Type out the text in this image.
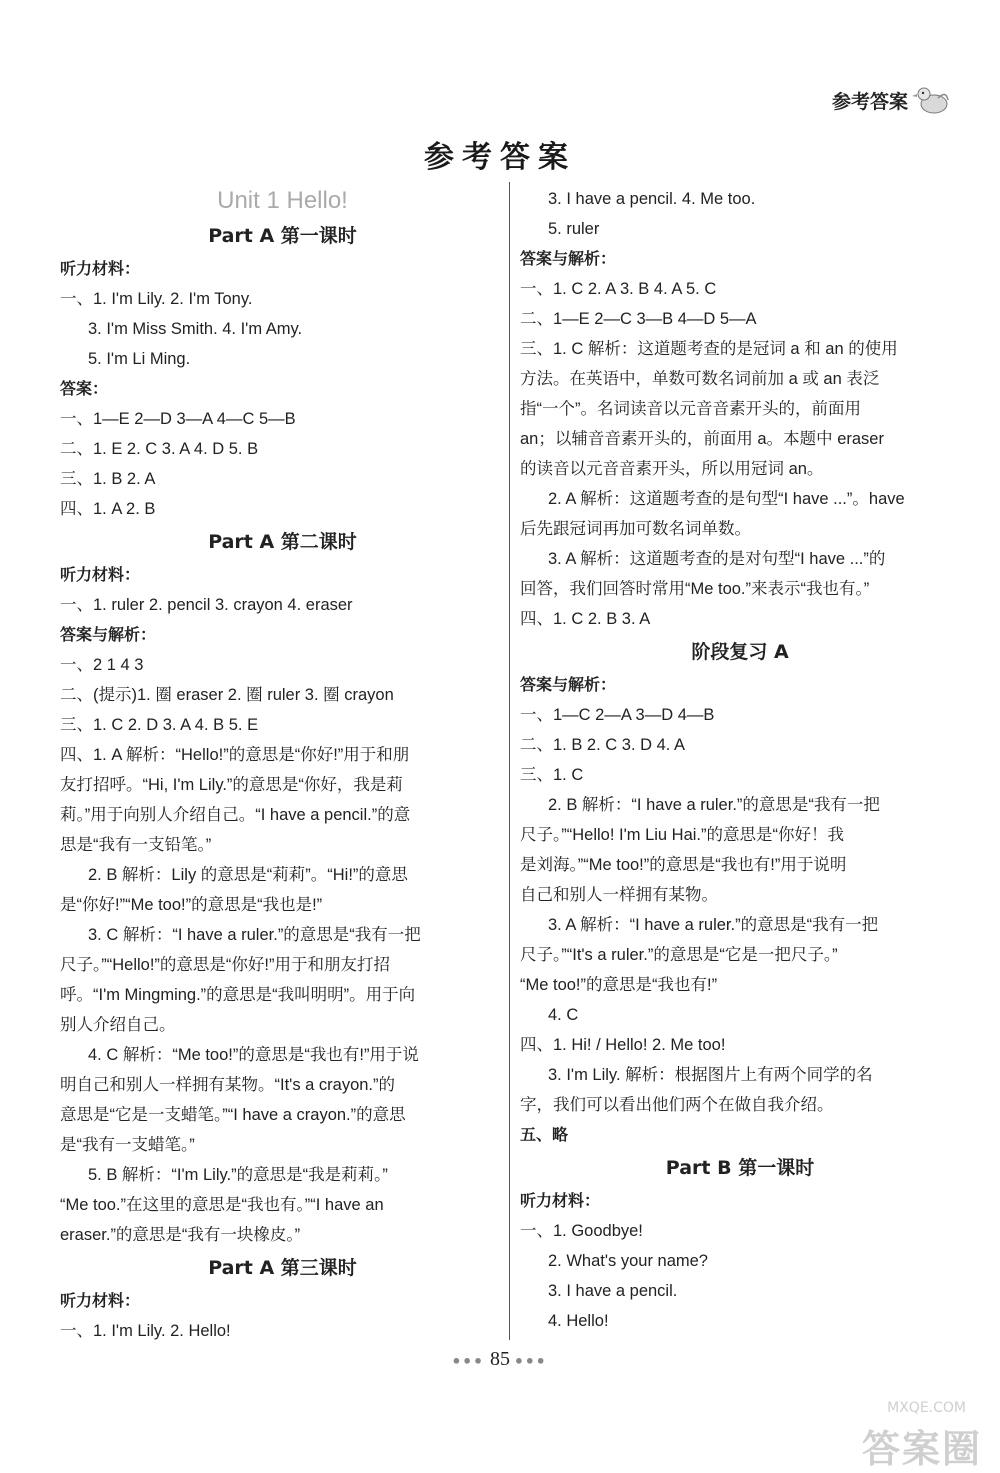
参考答案
参考答案
Unit 1 Hello!
Part A 第一课时
听力材料：
一、1. I'm Lily. 2. I'm Tony.
3. I'm Miss Smith. 4. I'm Amy.
5. I'm Li Ming.
答案：
一、1—E 2—D 3—A 4—C 5—B
二、1. E 2. C 3. A 4. D 5. B
三、1. B 2. A
四、1. A 2. B
Part A 第二课时
听力材料：
一、1. ruler 2. pencil 3. crayon 4. eraser
答案与解析：
一、2 1 4 3
二、(提示)1. 圈 eraser 2. 圈 ruler 3. 圈 crayon
三、1. C 2. D 3. A 4. B 5. E
四、1. A 解析：“Hello!”的意思是“你好!”用于和朋
友打招呼。“Hi, I'm Lily.”的意思是“你好，我是莉
莉。”用于向别人介绍自己。“I have a pencil.”的意
思是“我有一支铅笔。”
2. B 解析：Lily 的意思是“莉莉”。“Hi!”的意思
是“你好!”“Me too!”的意思是“我也是!”
3. C 解析：“I have a ruler.”的意思是“我有一把
尺子。”“Hello!”的意思是“你好!”用于和朋友打招
呼。“I'm Mingming.”的意思是“我叫明明”。用于向
别人介绍自己。
4. C 解析：“Me too!”的意思是“我也有!”用于说
明自己和别人一样拥有某物。“It's a crayon.”的
意思是“它是一支蜡笔。”“I have a crayon.”的意思
是“我有一支蜡笔。”
5. B 解析：“I'm Lily.”的意思是“我是莉莉。”
“Me too.”在这里的意思是“我也有。”“I have an
eraser.”的意思是“我有一块橡皮。”
Part A 第三课时
听力材料：
一、1. I'm Lily. 2. Hello!
3. I have a pencil. 4. Me too.
5. ruler
答案与解析：
一、1. C 2. A 3. B 4. A 5. C
二、1—E 2—C 3—B 4—D 5—A
三、1. C 解析：这道题考查的是冠词 a 和 an 的使用
方法。在英语中，单数可数名词前加 a 或 an 表泛
指“一个”。名词读音以元音音素开头的，前面用
an；以辅音音素开头的，前面用 a。本题中 eraser
的读音以元音音素开头，所以用冠词 an。
2. A 解析：这道题考查的是句型“I have ...”。have
后先跟冠词再加可数名词单数。
3. A 解析：这道题考查的是对句型“I have ...”的
回答，我们回答时常用“Me too.”来表示“我也有。”
四、1. C 2. B 3. A
阶段复习 A
答案与解析：
一、1—C 2—A 3—D 4—B
二、1. B 2. C 3. D 4. A
三、1. C
2. B 解析：“I have a ruler.”的意思是“我有一把
尺子。”“Hello! I'm Liu Hai.”的意思是“你好！我
是刘海。”“Me too!”的意思是“我也有!”用于说明
自己和别人一样拥有某物。
3. A 解析：“I have a ruler.”的意思是“我有一把
尺子。”“It's a ruler.”的意思是“它是一把尺子。”
“Me too!”的意思是“我也有!”
4. C
四、1. Hi! / Hello! 2. Me too!
3. I'm Lily. 解析：根据图片上有两个同学的名
字，我们可以看出他们两个在做自我介绍。
五、略
Part B 第一课时
听力材料：
一、1. Goodbye!
2. What's your name?
3. I have a pencil.
4. Hello!
●●● 85 ●●●
MXQE.COM
答案圈
